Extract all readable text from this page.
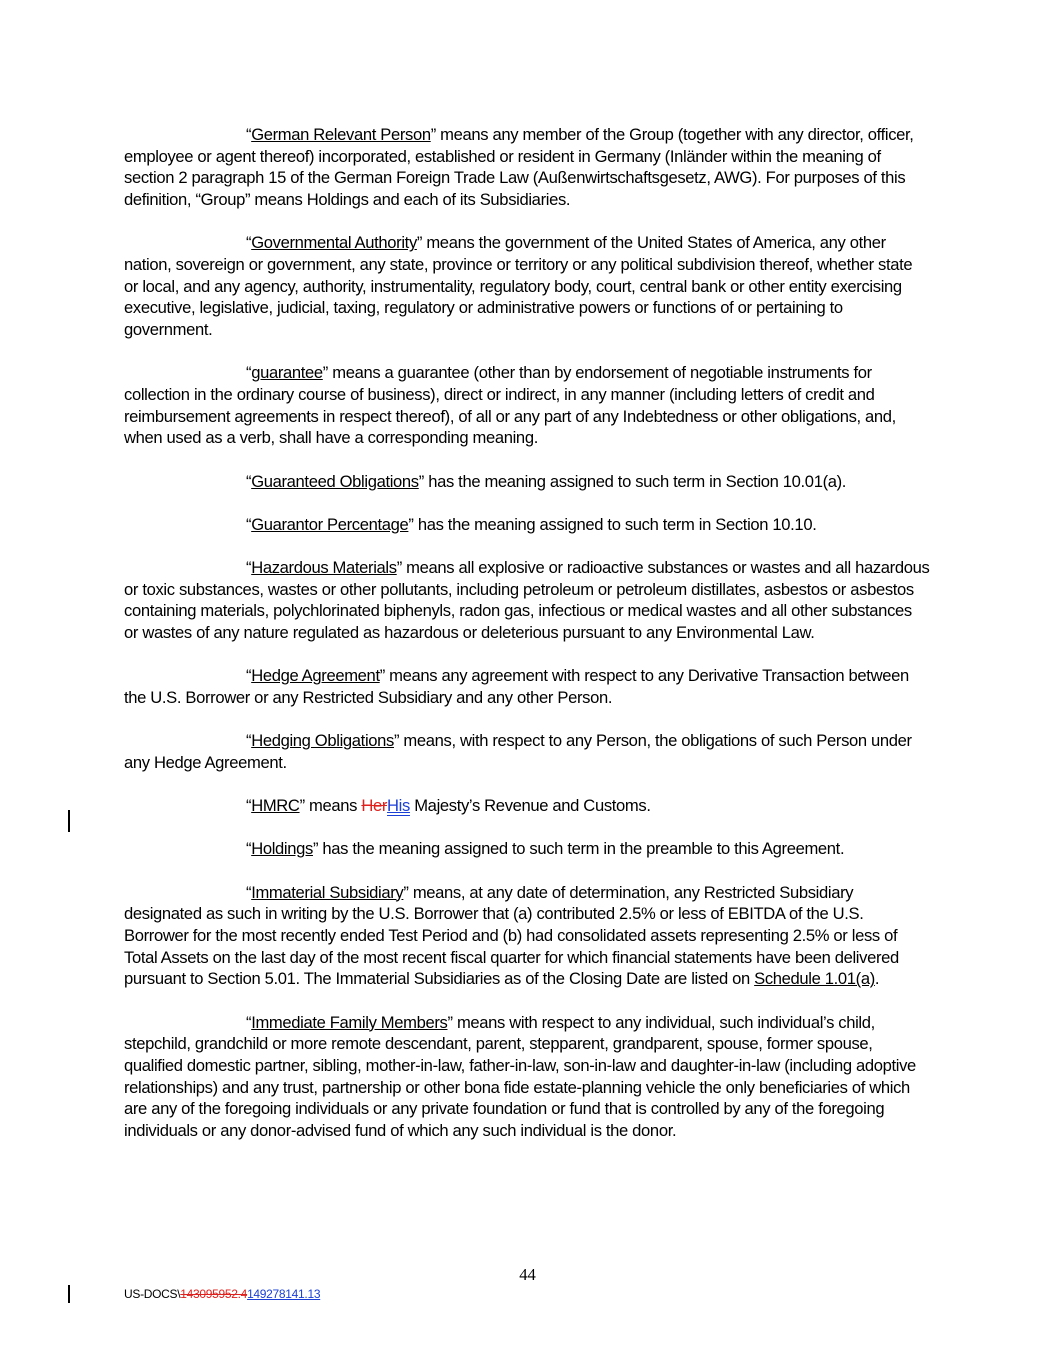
“German Relevant Person” means any member of the Group (together with any director, officer, employee or agent thereof) incorporated, established or resident in Germany (Inländer within the meaning of section 2 paragraph 15 of the German Foreign Trade Law (Außenwirtschaftsgesetz, AWG). For purposes of this definition, “Group” means Holdings and each of its Subsidiaries.

“Governmental Authority” means the government of the United States of America, any other nation, sovereign or government, any state, province or territory or any political subdivision thereof, whether state or local, and any agency, authority, instrumentality, regulatory body, court, central bank or other entity exercising executive, legislative, judicial, taxing, regulatory or administrative powers or functions of or pertaining to government.

“guarantee” means a guarantee (other than by endorsement of negotiable instruments for collection in the ordinary course of business), direct or indirect, in any manner (including letters of credit and reimbursement agreements in respect thereof), of all or any part of any Indebtedness or other obligations, and, when used as a verb, shall have a corresponding meaning.

“Guaranteed Obligations” has the meaning assigned to such term in Section 10.01(a).

“Guarantor Percentage” has the meaning assigned to such term in Section 10.10.

“Hazardous Materials” means all explosive or radioactive substances or wastes and all hazardous or toxic substances, wastes or other pollutants, including petroleum or petroleum distillates, asbestos or asbestos containing materials, polychlorinated biphenyls, radon gas, infectious or medical wastes and all other substances or wastes of any nature regulated as hazardous or deleterious pursuant to any Environmental Law.

“Hedge Agreement” means any agreement with respect to any Derivative Transaction between the U.S. Borrower or any Restricted Subsidiary and any other Person.

“Hedging Obligations” means, with respect to any Person, the obligations of such Person under any Hedge Agreement.

“HMRC” means HerHis Majesty’s Revenue and Customs.

“Holdings” has the meaning assigned to such term in the preamble to this Agreement.

“Immaterial Subsidiary” means, at any date of determination, any Restricted Subsidiary designated as such in writing by the U.S. Borrower that (a) contributed 2.5% or less of EBITDA of the U.S. Borrower for the most recently ended Test Period and (b) had consolidated assets representing 2.5% or less of Total Assets on the last day of the most recent fiscal quarter for which financial statements have been delivered pursuant to Section 5.01. The Immaterial Subsidiaries as of the Closing Date are listed on Schedule 1.01(a).

“Immediate Family Members” means with respect to any individual, such individual’s child, stepchild, grandchild or more remote descendant, parent, stepparent, grandparent, spouse, former spouse, qualified domestic partner, sibling, mother-in-law, father-in-law, son-in-law and daughter-in-law (including adoptive relationships) and any trust, partnership or other bona fide estate-planning vehicle the only beneficiaries of which are any of the foregoing individuals or any private foundation or fund that is controlled by any of the foregoing individuals or any donor-advised fund of which any such individual is the donor.

44
US-DOCS\143095952.4149278141.13
